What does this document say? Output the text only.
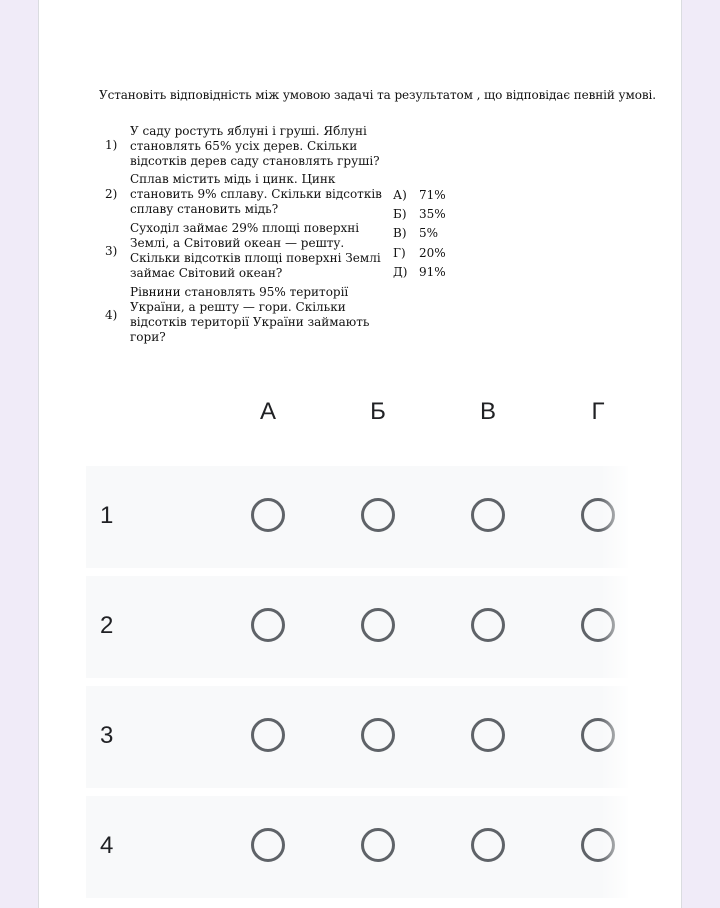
Установіть відповідність між умовою задачі та результатом , що відповідає певній умові.
1)
У саду ростуть яблуні і груші. Яблуні становлять 65% усіх дерев. Скільки відсотків дерев саду становлять груші?
2)
Сплав містить мідь і цинк. Цинк становить 9% сплаву. Скільки відсотків сплаву становить мідь?
3)
Суходіл займає 29% площі поверхні Землі, а Світовий океан — решту. Скільки відсотків площі поверхні Землі займає Світовий океан?
4)
Рівнини становлять 95% території України, а решту — гори. Скільки відсотків території України займають гори?
А) 71%
Б) 35%
В) 5%
Г) 20%
Д) 91%
А	Б	В	Г
1
2
3
4
